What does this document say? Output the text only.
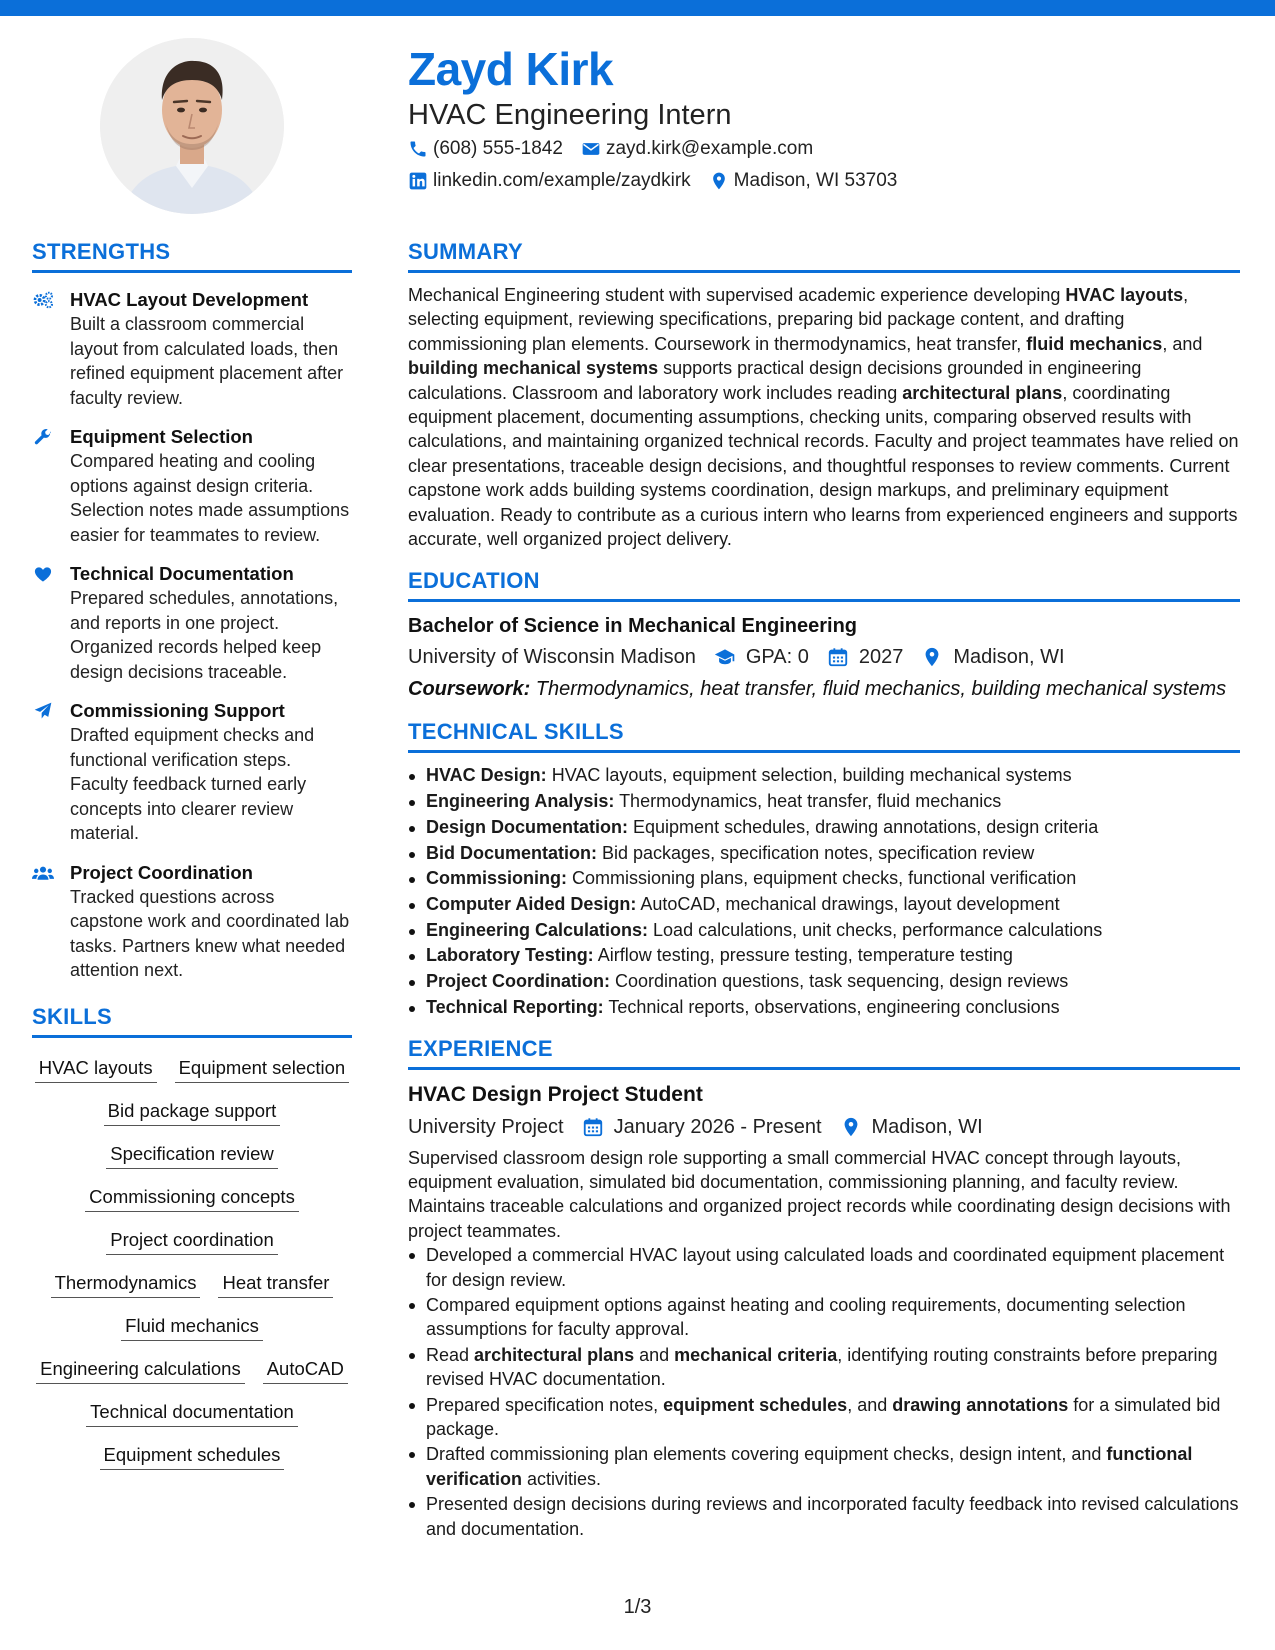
Zayd Kirk
HVAC Engineering Intern
(608) 555-1842 zayd.kirk@example.com
linkedin.com/example/zaydkirk Madison, WI 53703
STRENGTHS
HVAC Layout Development
Built a classroom commercial layout from calculated loads, then refined equipment placement after faculty review.
Equipment Selection
Compared heating and cooling options against design criteria. Selection notes made assumptions easier for teammates to review.
Technical Documentation
Prepared schedules, annotations, and reports in one project. Organized records helped keep design decisions traceable.
Commissioning Support
Drafted equipment checks and functional verification steps. Faculty feedback turned early concepts into clearer review material.
Project Coordination
Tracked questions across capstone work and coordinated lab tasks. Partners knew what needed attention next.
SKILLS
HVAC layouts Equipment selection
Bid package support
Specification review
Commissioning concepts
Project coordination
Thermodynamics Heat transfer
Fluid mechanics
Engineering calculations AutoCAD
Technical documentation
Equipment schedules
SUMMARY

Mechanical Engineering student with supervised academic experience developing HVAC layouts, selecting equipment, reviewing specifications, preparing bid package content, and drafting commissioning plan elements. Coursework in thermodynamics, heat transfer, fluid mechanics, and building mechanical systems supports practical design decisions grounded in engineering calculations. Classroom and laboratory work includes reading architectural plans, coordinating equipment placement, documenting assumptions, checking units, comparing observed results with calculations, and maintaining organized technical records. Faculty and project teammates have relied on clear presentations, traceable design decisions, and thoughtful responses to review comments. Current capstone work adds building systems coordination, design markups, and preliminary equipment evaluation. Ready to contribute as a curious intern who learns from experienced engineers and supports accurate, well organized project delivery.

EDUCATION
Bachelor of Science in Mechanical Engineering
University of Wisconsin Madison	GPA: 0	2027	Madison, WI
Coursework: Thermodynamics, heat transfer, fluid mechanics, building mechanical systems
TECHNICAL SKILLS
HVAC Design: HVAC layouts, equipment selection, building mechanical systems
Engineering Analysis: Thermodynamics, heat transfer, fluid mechanics
Design Documentation: Equipment schedules, drawing annotations, design criteria
Bid Documentation: Bid packages, specification notes, specification review
Commissioning: Commissioning plans, equipment checks, functional verification
Computer Aided Design: AutoCAD, mechanical drawings, layout development
Engineering Calculations: Load calculations, unit checks, performance calculations
Laboratory Testing: Airflow testing, pressure testing, temperature testing
Project Coordination: Coordination questions, task sequencing, design reviews
Technical Reporting: Technical reports, observations, engineering conclusions
EXPERIENCE
HVAC Design Project Student
University Project	January 2026 - Present	Madison, WI

Supervised classroom design role supporting a small commercial HVAC concept through layouts, equipment evaluation, simulated bid documentation, commissioning planning, and faculty review. Maintains traceable calculations and organized project records while coordinating design decisions with project teammates.

Developed a commercial HVAC layout using calculated loads and coordinated equipment placement for design review.
Compared equipment options against heating and cooling requirements, documenting selection assumptions for faculty approval.
Read architectural plans and mechanical criteria, identifying routing constraints before preparing revised HVAC documentation.
Prepared specification notes, equipment schedules, and drawing annotations for a simulated bid package.
Drafted commissioning plan elements covering equipment checks, design intent, and functional verification activities.
Presented design decisions during reviews and incorporated faculty feedback into revised calculations and documentation.
1/3
